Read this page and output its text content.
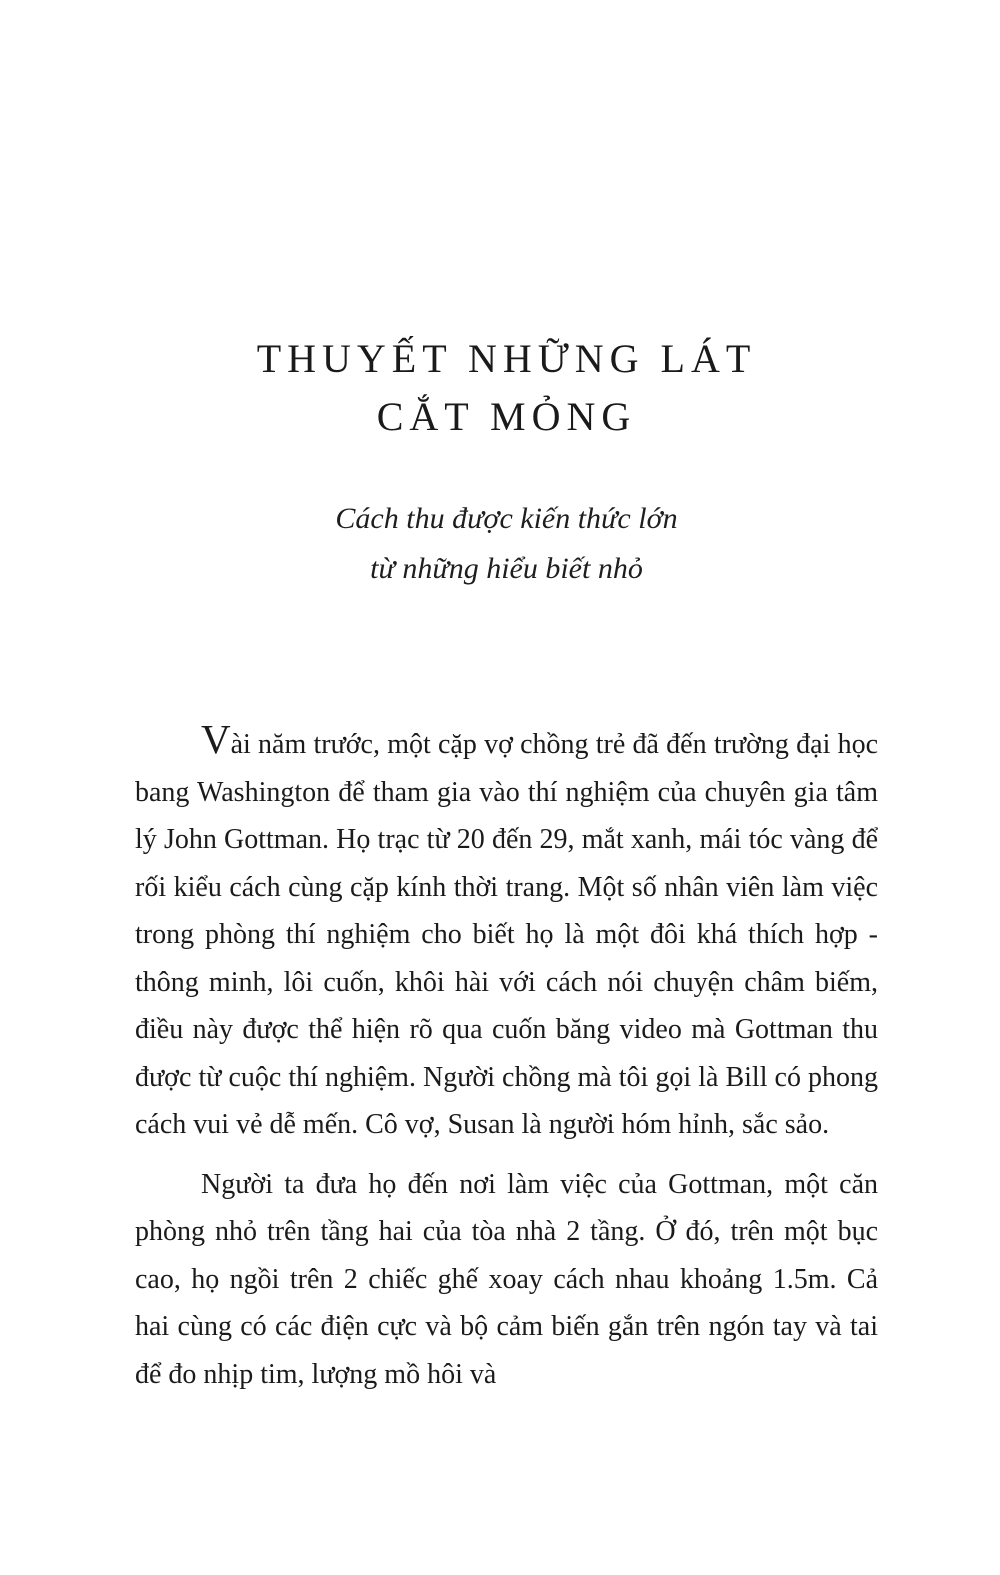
THUYẾT NHỮNG LÁT
CẮT MỎNG
Cách thu được kiến thức lớn
từ những hiểu biết nhỏ

Vài năm trước, một cặp vợ chồng trẻ đã đến trường đại học bang Washington để tham gia vào thí nghiệm của chuyên gia tâm lý John Gottman. Họ trạc từ 20 đến 29, mắt xanh, mái tóc vàng để rối kiểu cách cùng cặp kính thời trang. Một số nhân viên làm việc trong phòng thí nghiệm cho biết họ là một đôi khá thích hợp - thông minh, lôi cuốn, khôi hài với cách nói chuyện châm biếm, điều này được thể hiện rõ qua cuốn băng video mà Gottman thu được từ cuộc thí nghiệm. Người chồng mà tôi gọi là Bill có phong cách vui vẻ dễ mến. Cô vợ, Susan là người hóm hỉnh, sắc sảo.

Người ta đưa họ đến nơi làm việc của Gottman, một căn phòng nhỏ trên tầng hai của tòa nhà 2 tầng. Ở đó, trên một bục cao, họ ngồi trên 2 chiếc ghế xoay cách nhau khoảng 1.5m. Cả hai cùng có các điện cực và bộ cảm biến gắn trên ngón tay và tai để đo nhịp tim, lượng mồ hôi và
